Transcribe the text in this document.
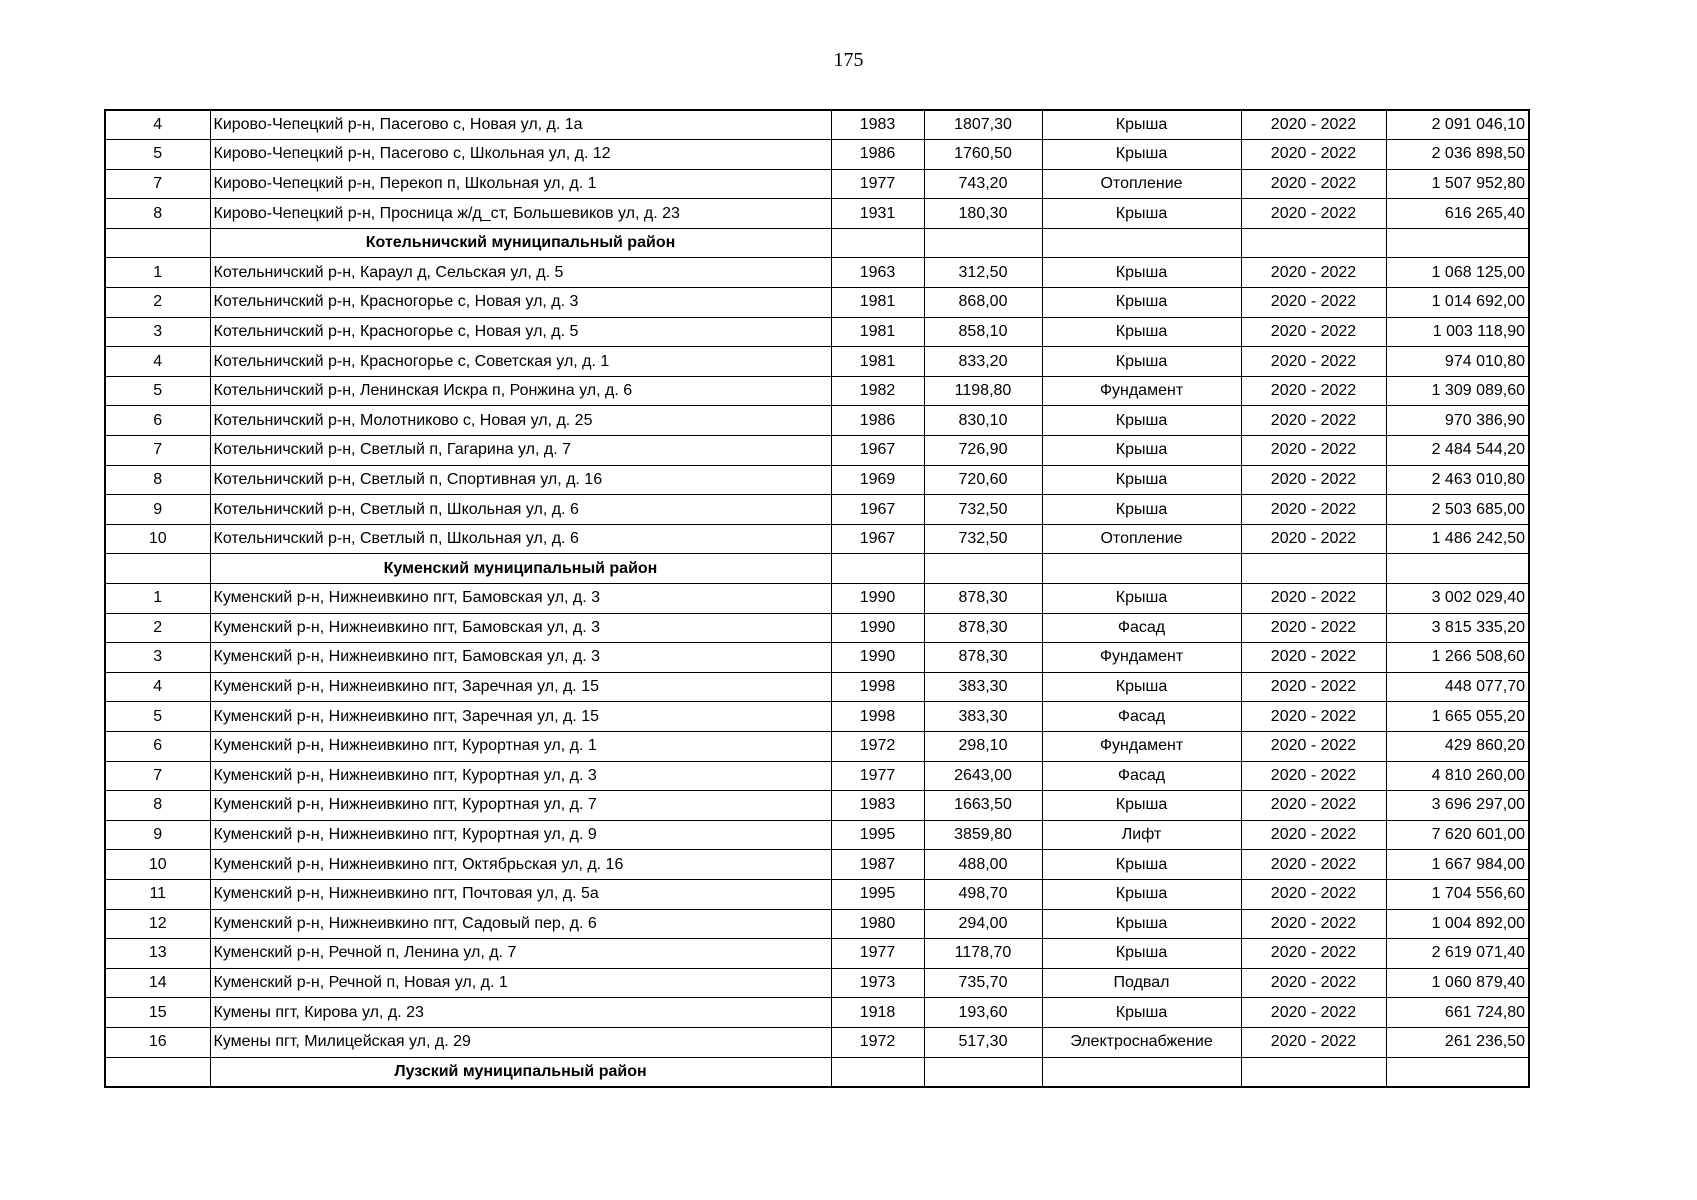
175
4	Кирово-Чепецкий р-н, Пасегово с, Новая ул, д. 1а	1983	1807,30	Крыша	2020 - 2022	2 091 046,10
5	Кирово-Чепецкий р-н, Пасегово с, Школьная ул, д. 12	1986	1760,50	Крыша	2020 - 2022	2 036 898,50
7	Кирово-Чепецкий р-н, Перекоп п, Школьная ул, д. 1	1977	743,20	Отопление	2020 - 2022	1 507 952,80
8	Кирово-Чепецкий р-н, Просница ж/д_ст, Большевиков ул, д. 23	1931	180,30	Крыша	2020 - 2022	616 265,40
	Котельничский муниципальный район					
1	Котельничский р-н, Караул д, Сельская ул, д. 5	1963	312,50	Крыша	2020 - 2022	1 068 125,00
2	Котельничский р-н, Красногорье с, Новая ул, д. 3	1981	868,00	Крыша	2020 - 2022	1 014 692,00
3	Котельничский р-н, Красногорье с, Новая ул, д. 5	1981	858,10	Крыша	2020 - 2022	1 003 118,90
4	Котельничский р-н, Красногорье с, Советская ул, д. 1	1981	833,20	Крыша	2020 - 2022	974 010,80
5	Котельничский р-н, Ленинская Искра п, Ронжина ул, д. 6	1982	1198,80	Фундамент	2020 - 2022	1 309 089,60
6	Котельничский р-н, Молотниково с, Новая ул, д. 25	1986	830,10	Крыша	2020 - 2022	970 386,90
7	Котельничский р-н, Светлый п, Гагарина ул, д. 7	1967	726,90	Крыша	2020 - 2022	2 484 544,20
8	Котельничский р-н, Светлый п, Спортивная ул, д. 16	1969	720,60	Крыша	2020 - 2022	2 463 010,80
9	Котельничский р-н, Светлый п, Школьная ул, д. 6	1967	732,50	Крыша	2020 - 2022	2 503 685,00
10	Котельничский р-н, Светлый п, Школьная ул, д. 6	1967	732,50	Отопление	2020 - 2022	1 486 242,50
	Куменский муниципальный район					
1	Куменский р-н, Нижнеивкино пгт, Бамовская ул, д. 3	1990	878,30	Крыша	2020 - 2022	3 002 029,40
2	Куменский р-н, Нижнеивкино пгт, Бамовская ул, д. 3	1990	878,30	Фасад	2020 - 2022	3 815 335,20
3	Куменский р-н, Нижнеивкино пгт, Бамовская ул, д. 3	1990	878,30	Фундамент	2020 - 2022	1 266 508,60
4	Куменский р-н, Нижнеивкино пгт, Заречная ул, д. 15	1998	383,30	Крыша	2020 - 2022	448 077,70
5	Куменский р-н, Нижнеивкино пгт, Заречная ул, д. 15	1998	383,30	Фасад	2020 - 2022	1 665 055,20
6	Куменский р-н, Нижнеивкино пгт, Курортная ул, д. 1	1972	298,10	Фундамент	2020 - 2022	429 860,20
7	Куменский р-н, Нижнеивкино пгт, Курортная ул, д. 3	1977	2643,00	Фасад	2020 - 2022	4 810 260,00
8	Куменский р-н, Нижнеивкино пгт, Курортная ул, д. 7	1983	1663,50	Крыша	2020 - 2022	3 696 297,00
9	Куменский р-н, Нижнеивкино пгт, Курортная ул, д. 9	1995	3859,80	Лифт	2020 - 2022	7 620 601,00
10	Куменский р-н, Нижнеивкино пгт, Октябрьская ул, д. 16	1987	488,00	Крыша	2020 - 2022	1 667 984,00
11	Куменский р-н, Нижнеивкино пгт, Почтовая ул, д. 5а	1995	498,70	Крыша	2020 - 2022	1 704 556,60
12	Куменский р-н, Нижнеивкино пгт, Садовый пер, д. 6	1980	294,00	Крыша	2020 - 2022	1 004 892,00
13	Куменский р-н, Речной п, Ленина ул, д. 7	1977	1178,70	Крыша	2020 - 2022	2 619 071,40
14	Куменский р-н, Речной п, Новая ул, д. 1	1973	735,70	Подвал	2020 - 2022	1 060 879,40
15	Кумены пгт, Кирова ул, д. 23	1918	193,60	Крыша	2020 - 2022	661 724,80
16	Кумены пгт, Милицейская ул, д. 29	1972	517,30	Электроснабжение	2020 - 2022	261 236,50
	Лузский муниципальный район					
